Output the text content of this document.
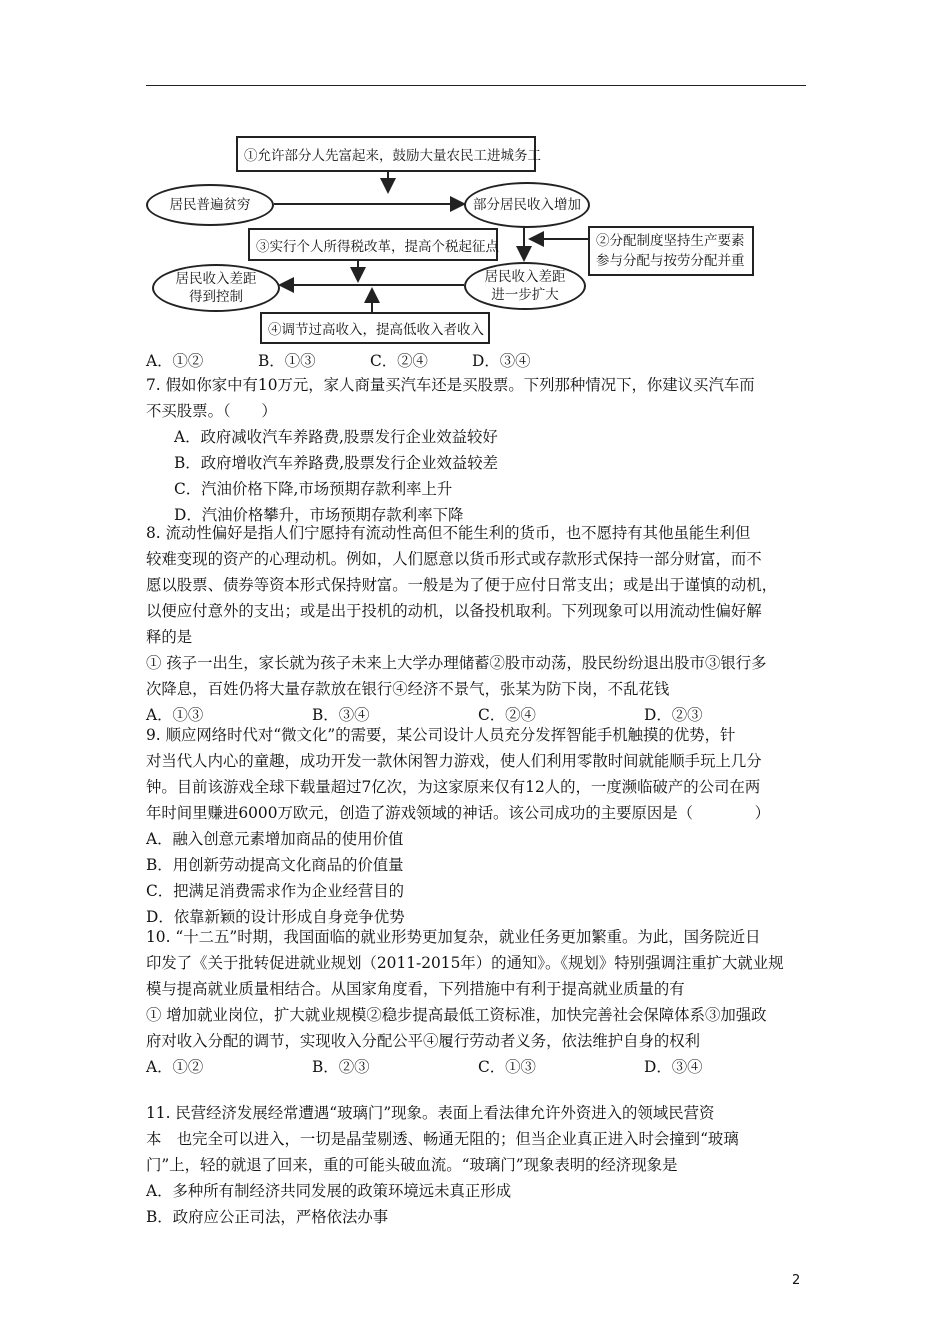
①允许部分人先富起来，鼓励大量农民工进城务工
居民普遍贫穷	部分居民收入增加
③实行个人所得税改革，提高个税起征点	②分配制度坚持生产要素
参与分配与按劳分配并重
居民收入差距
得到控制
居民收入差距
进一步扩大
④调节过高收入，提高低收入者收入
A．①②	B．①③	C．②④	D．③④
7. 假如你家中有10万元，家人商量买汽车还是买股票。下列那种情况下，你建议买汽车而
不买股票。（　　）
A．政府减收汽车养路费,股票发行企业效益较好
B．政府增收汽车养路费,股票发行企业效益较差
C．汽油价格下降,市场预期存款利率上升
D．汽油价格攀升，市场预期存款利率下降
8. 流动性偏好是指人们宁愿持有流动性高但不能生利的货币，也不愿持有其他虽能生利但
较难变现的资产的心理动机。例如，人们愿意以货币形式或存款形式保持一部分财富，而不
愿以股票、债券等资本形式保持财富。一般是为了便于应付日常支出；或是出于谨慎的动机，
以便应付意外的支出；或是出于投机的动机，以备投机取利。下列现象可以用流动性偏好解
释的是
① 孩子一出生，家长就为孩子未来上大学办理储蓄②股市动荡，股民纷纷退出股市③银行多
次降息，百姓仍将大量存款放在银行④经济不景气，张某为防下岗，不乱花钱
A．①③	B．③④	C．②④	D．②③
9. 顺应网络时代对“微文化”的需要，某公司设计人员充分发挥智能手机触摸的优势，针
对当代人内心的童趣，成功开发一款休闲智力游戏，使人们利用零散时间就能顺手玩上几分
钟。目前该游戏全球下载量超过7亿次，为这家原来仅有12人的，一度濒临破产的公司在两
年时间里赚进6000万欧元，创造了游戏领域的神话。该公司成功的主要原因是（　　　　）
A．融入创意元素增加商品的使用价值
B．用创新劳动提高文化商品的价值量
C．把满足消费需求作为企业经营目的
D．依靠新颖的设计形成自身竞争优势
10. “十二五”时期，我国面临的就业形势更加复杂，就业任务更加繁重。为此，国务院近日
印发了《关于批转促进就业规划（2011-2015年）的通知》。《规划》特别强调注重扩大就业规
模与提高就业质量相结合。从国家角度看，下列措施中有利于提高就业质量的有
① 增加就业岗位，扩大就业规模②稳步提高最低工资标准，加快完善社会保障体系③加强政
府对收入分配的调节，实现收入分配公平④履行劳动者义务，依法维护自身的权利
A．①②	B．②③	C．①③	D．③④
11. 民营经济发展经常遭遇“玻璃门”现象。表面上看法律允许外资进入的领域民营资
本　也完全可以进入，一切是晶莹剔透、畅通无阻的；但当企业真正进入时会撞到“玻璃
门”上，轻的就退了回来，重的可能头破血流。“玻璃门”现象表明的经济现象是
A．多种所有制经济共同发展的政策环境远未真正形成
B．政府应公正司法，严格依法办事
2
